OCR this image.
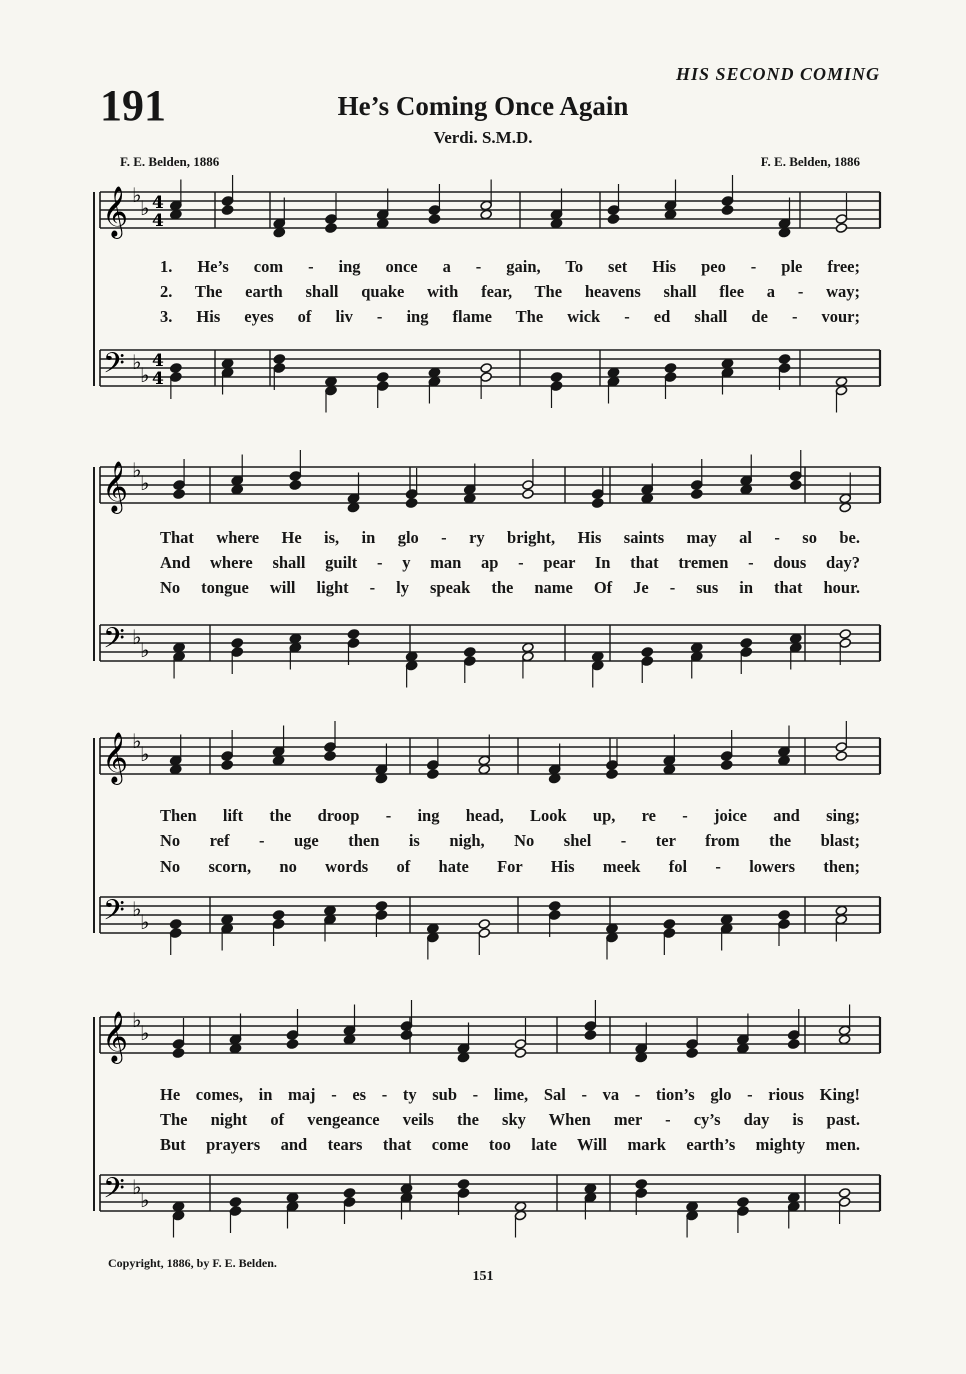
HIS SECOND COMING
191	He’s Coming Once Again
Verdi. S.M.D.
F. E. Belden, 1886	F. E. Belden, 1886
𝄞 ♭
♭ 4
4
𝄢 ♭
♭
4
4
𝄞 ♭
♭
𝄢 ♭
♭
𝄞 ♭
♭
𝄢 ♭
♭
𝄞 ♭
♭
𝄢 ♭
♭
1. He’s com - ing once a - gain, To set His peo - ple free;
2. The earth shall quake with fear, The heavens shall flee a - way;
3. His eyes of liv - ing flame The wick - ed shall de - vour;
That where He is, in glo - ry bright, His saints may al - so be.
And where shall guilt - y man ap - pear In that tremen - dous day?
No tongue will light - ly speak the name Of Je - sus in that hour.
Then lift the droop - ing head, Look up, re - joice and sing;
No ref - uge then is nigh, No shel - ter from the blast;
No scorn, no words of hate For His meek fol - lowers then;
He comes, in maj - es - ty sub - lime, Sal - va - tion’s glo - rious King!
The night of vengeance veils the sky When mer - cy’s day is past.
But prayers and tears that come too late Will mark earth’s mighty men.
Copyright, 1886, by F. E. Belden.
151
